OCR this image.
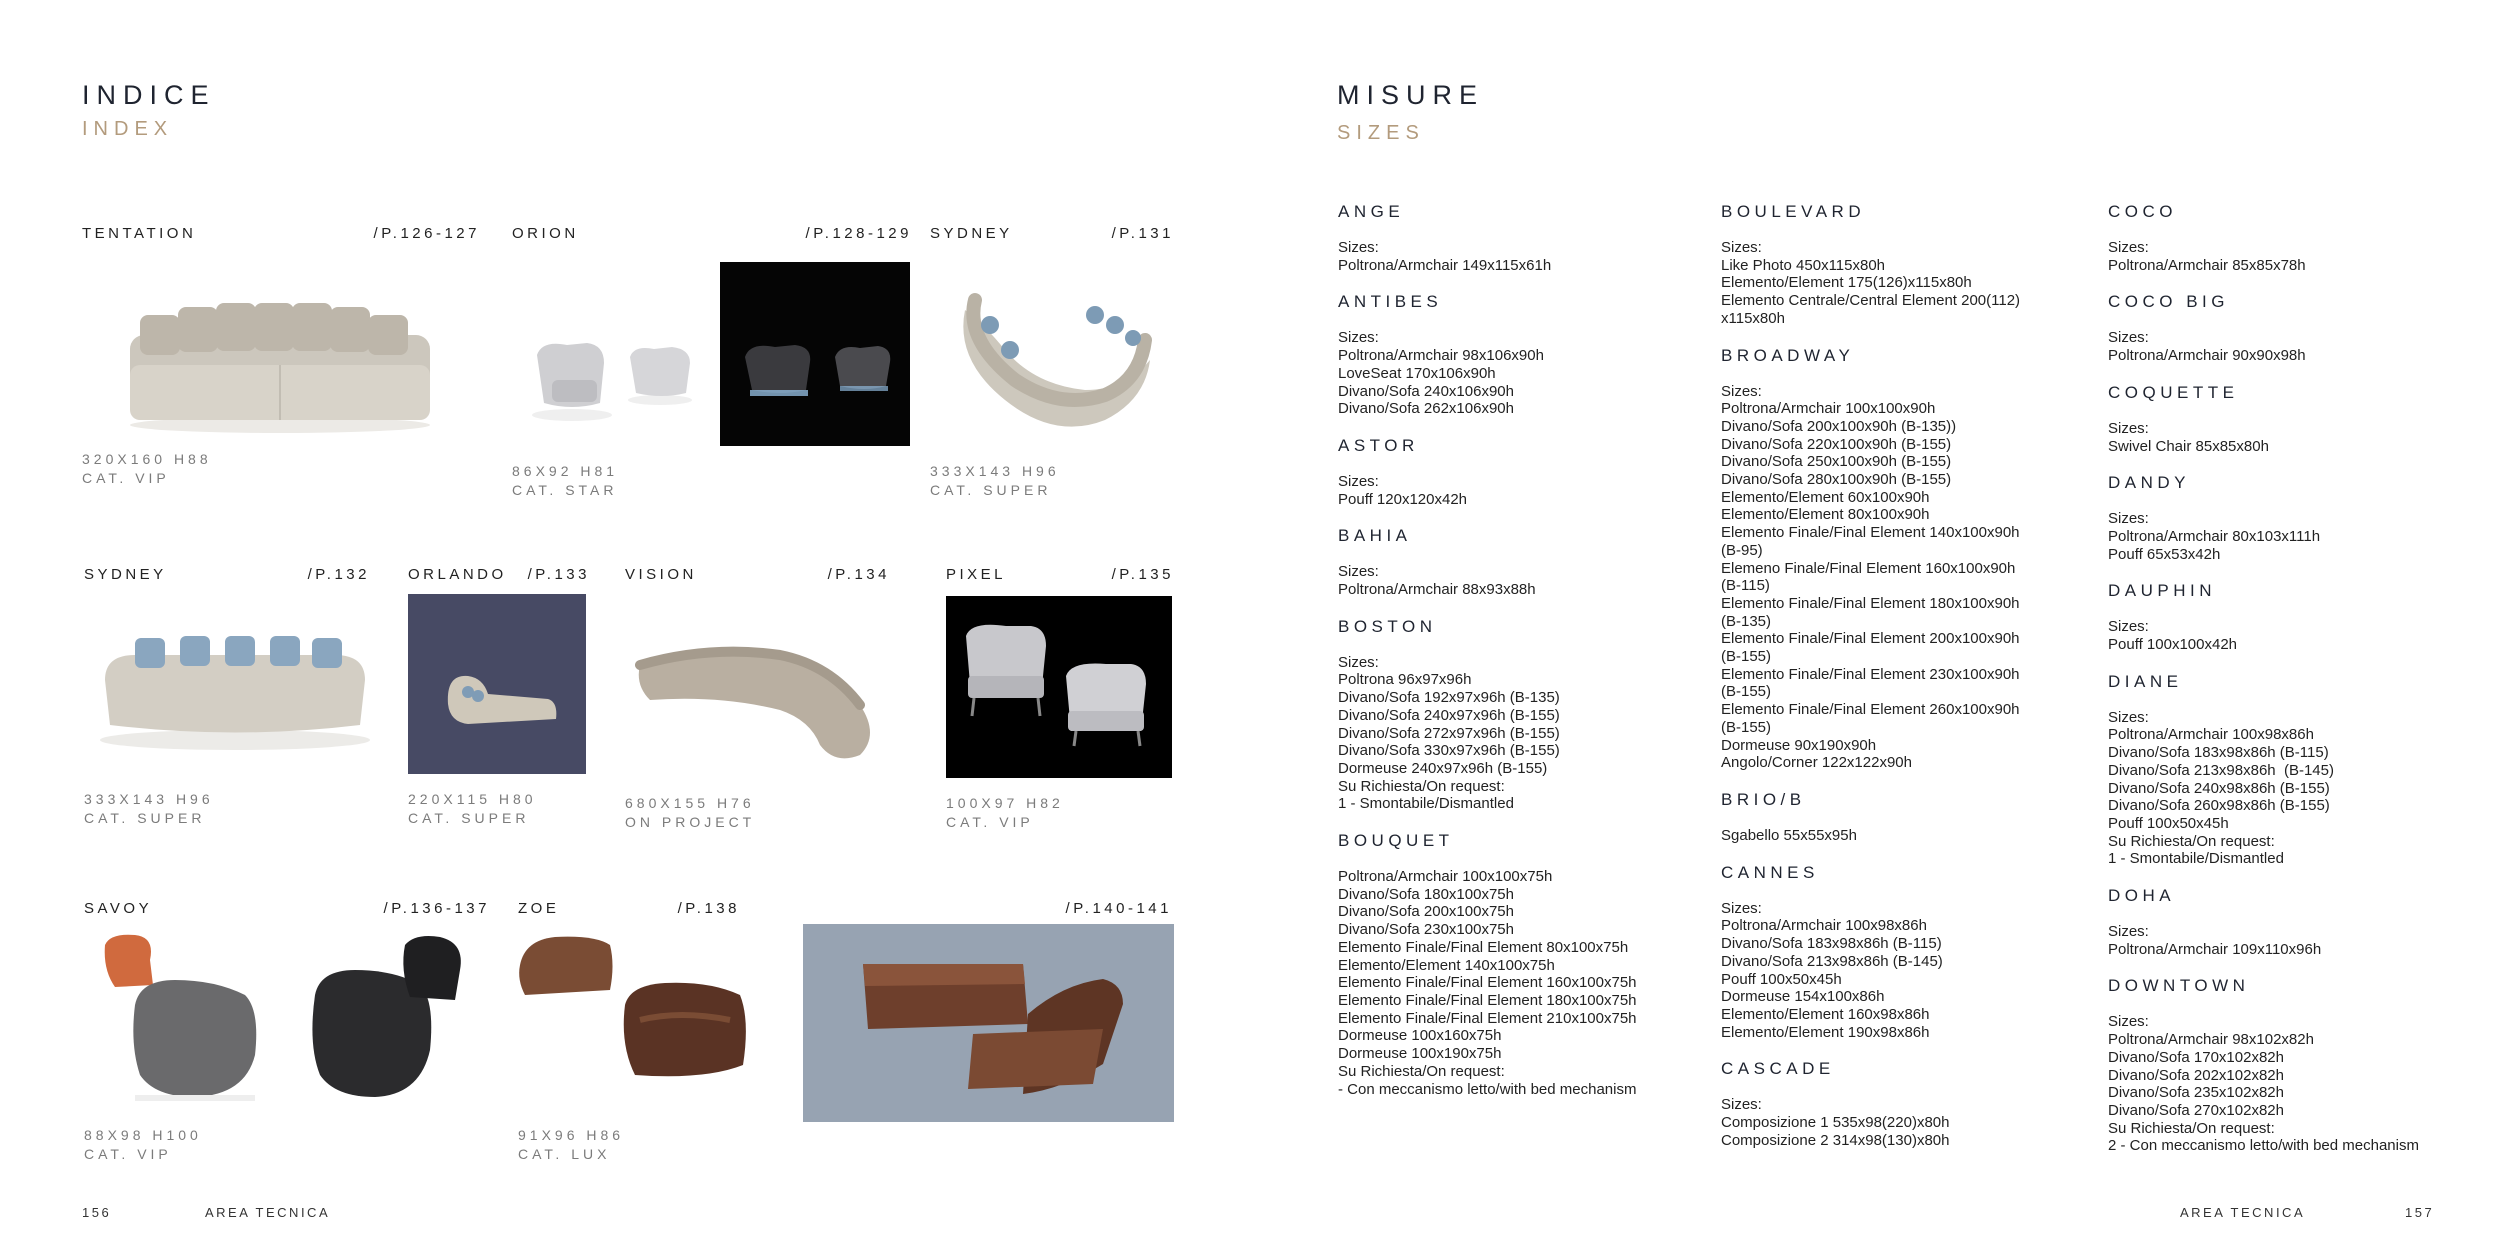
INDICE
INDEX
TENTATION	/P.126-127
320X160 H88
CAT. VIP
ORION	/P.128-129
86X92 H81
CAT. STAR
SYDNEY	/P.131
333X143 H96
CAT. SUPER
SYDNEY	/P.132
333X143 H96
CAT. SUPER
ORLANDO	/P.133
220X115 H80
CAT. SUPER
VISION	/P.134
680X155 H76
ON PROJECT
PIXEL	/P.135
100X97 H82
CAT. VIP
SAVOY	/P.136-137
88X98 H100
CAT. VIP
ZOE	/P.138
91X96 H86
CAT. LUX
/P.140-141
156	AREA TECNICA
MISURE
SIZES
ANGE
Sizes:
Poltrona/Armchair 149x115x61h
ANTIBES
Sizes:
Poltrona/Armchair 98x106x90h
LoveSeat 170x106x90h
Divano/Sofa 240x106x90h
Divano/Sofa 262x106x90h
ASTOR
Sizes:
Pouff 120x120x42h
BAHIA
Sizes:
Poltrona/Armchair 88x93x88h
BOSTON
Sizes:
Poltrona 96x97x96h
Divano/Sofa 192x97x96h (B-135)
Divano/Sofa 240x97x96h (B-155)
Divano/Sofa 272x97x96h (B-155)
Divano/Sofa 330x97x96h (B-155)
Dormeuse 240x97x96h (B-155)
Su Richiesta/On request:
1 - Smontabile/Dismantled
BOUQUET
Poltrona/Armchair 100x100x75h
Divano/Sofa 180x100x75h
Divano/Sofa 200x100x75h
Divano/Sofa 230x100x75h
Elemento Finale/Final Element 80x100x75h
Elemento/Element 140x100x75h
Elemento Finale/Final Element 160x100x75h
Elemento Finale/Final Element 180x100x75h
Elemento Finale/Final Element 210x100x75h
Dormeuse 100x160x75h
Dormeuse 100x190x75h
Su Richiesta/On request:
- Con meccanismo letto/with bed mechanism
BOULEVARD
Sizes:
Like Photo 450x115x80h
Elemento/Element 175(126)x115x80h
Elemento Centrale/Central Element 200(112)
x115x80h
BROADWAY
Sizes:
Poltrona/Armchair 100x100x90h
Divano/Sofa 200x100x90h (B-135))
Divano/Sofa 220x100x90h (B-155)
Divano/Sofa 250x100x90h (B-155)
Divano/Sofa 280x100x90h (B-155)
Elemento/Element 60x100x90h
Elemento/Element 80x100x90h
Elemento Finale/Final Element 140x100x90h
(B-95)
Elemeno Finale/Final Element 160x100x90h
(B-115)
Elemento Finale/Final Element 180x100x90h
(B-135)
Elemento Finale/Final Element 200x100x90h
(B-155)
Elemento Finale/Final Element 230x100x90h
(B-155)
Elemento Finale/Final Element 260x100x90h
(B-155)
Dormeuse 90x190x90h
Angolo/Corner 122x122x90h
BRIO/B
Sgabello 55x55x95h
CANNES
Sizes:
Poltrona/Armchair 100x98x86h
Divano/Sofa 183x98x86h (B-115)
Divano/Sofa 213x98x86h (B-145)
Pouff 100x50x45h
Dormeuse 154x100x86h
Elemento/Element 160x98x86h
Elemento/Element 190x98x86h
CASCADE
Sizes:
Composizione 1 535x98(220)x80h
Composizione 2 314x98(130)x80h
COCO
Sizes:
Poltrona/Armchair 85x85x78h
COCO BIG
Sizes:
Poltrona/Armchair 90x90x98h
COQUETTE
Sizes:
Swivel Chair 85x85x80h
DANDY
Sizes:
Poltrona/Armchair 80x103x111h
Pouff 65x53x42h
DAUPHIN
Sizes:
Pouff 100x100x42h
DIANE
Sizes:
Poltrona/Armchair 100x98x86h
Divano/Sofa 183x98x86h (B-115)
Divano/Sofa 213x98x86h  (B-145)
Divano/Sofa 240x98x86h (B-155)
Divano/Sofa 260x98x86h (B-155)
Pouff 100x50x45h
Su Richiesta/On request:
1 - Smontabile/Dismantled
DOHA
Sizes:
Poltrona/Armchair 109x110x96h
DOWNTOWN
Sizes:
Poltrona/Armchair 98x102x82h
Divano/Sofa 170x102x82h
Divano/Sofa 202x102x82h
Divano/Sofa 235x102x82h
Divano/Sofa 270x102x82h
Su Richiesta/On request:
2 - Con meccanismo letto/with bed mechanism
AREA TECNICA	157
